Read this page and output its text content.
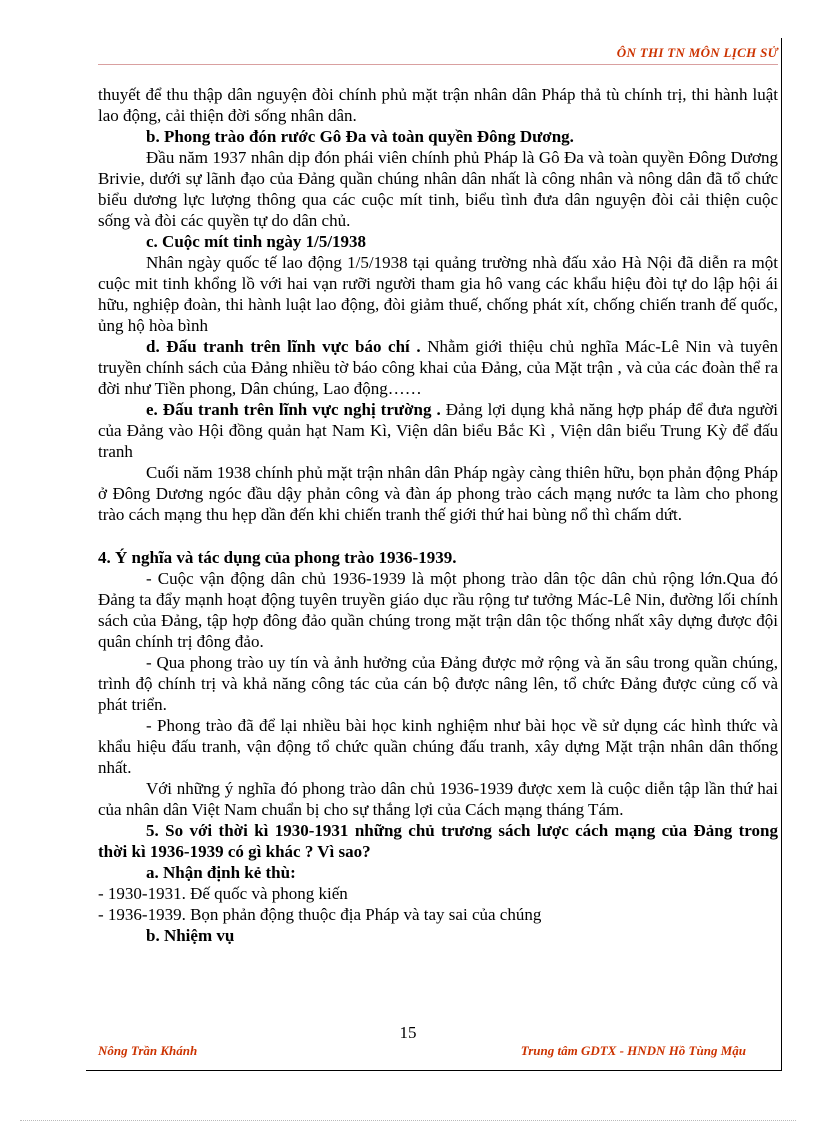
ÔN THI TN MÔN LỊCH SỬ

thuyết để thu thập dân nguyện đòi chính phủ mặt trận nhân dân Pháp thả tù chính trị, thi hành luật lao động, cải thiện đời sống nhân dân.

b. Phong trào đón rước Gô Đa và toàn quyền Đông Dương.

Đầu năm 1937 nhân dịp đón phái viên chính phủ Pháp là Gô Đa và toàn quyền Đông Dương Brivie, dưới sự lãnh đạo của Đảng quần chúng nhân dân nhất là công nhân và nông dân đã tổ chức biểu dương lực lượng thông qua các cuộc mít tinh, biểu tình đưa dân nguyện đòi cải thiện cuộc sống và đòi các quyền tự do dân chủ.

c. Cuộc mít tinh ngày 1/5/1938

Nhân ngày quốc tế lao động 1/5/1938 tại quảng trường nhà đấu xảo Hà Nội đã diễn ra một cuộc mit tinh khổng lồ với hai vạn rưỡi người tham gia hô vang các khẩu hiệu đòi tự do lập hội ái hữu, nghiệp đoàn, thi hành luật lao động, đòi giảm thuế, chống phát xít, chống chiến tranh đế quốc, ủng hộ hòa bình

d. Đấu tranh trên lĩnh vực báo chí . Nhằm giới thiệu chủ nghĩa Mác-Lê Nin và tuyên truyền chính sách của Đảng nhiều tờ báo công khai của Đảng, của Mặt trận , và của các đoàn thể ra đời như Tiền phong, Dân chúng, Lao động……

e. Đấu tranh trên lĩnh vực nghị trường . Đảng lợi dụng khả năng hợp pháp để đưa người của Đảng vào Hội đồng quản hạt Nam Kì, Viện dân biểu Bắc Kì , Viện dân biểu Trung Kỳ để đấu tranh

Cuối năm 1938 chính phủ mặt trận nhân dân Pháp ngày càng thiên hữu, bọn phản động Pháp ở Đông Dương ngóc đầu dậy phản công và đàn áp phong trào cách mạng nước ta làm cho phong trào cách mạng thu hẹp dần đến khi chiến tranh thế giới thứ hai bùng nổ thì chấm dứt.

4. Ý nghĩa và tác dụng của phong trào 1936-1939.

- Cuộc vận động dân chủ 1936-1939 là một phong trào dân tộc dân chủ rộng lớn.Qua đó Đảng ta đẩy mạnh hoạt động tuyên truyền giáo dục rầu rộng tư tưởng Mác-Lê Nin, đường lối chính sách của Đảng, tập hợp đông đảo quần chúng trong mặt trận dân tộc thống nhất xây dựng được đội quân chính trị đông đảo.

- Qua phong trào uy tín và ảnh hưởng của Đảng được mở rộng và ăn sâu trong quần chúng, trình độ chính trị và khả năng công tác của cán bộ được nâng lên, tổ chức Đảng được củng cố và phát triển.

- Phong trào đã để lại nhiều bài học kinh nghiệm như bài học về sử dụng các hình thức và khẩu hiệu đấu tranh, vận động tổ chức quần chúng đấu tranh, xây dựng Mặt trận nhân dân thống nhất.

Với những ý nghĩa đó phong trào dân chủ 1936-1939 được xem là cuộc diễn tập lần thứ hai của nhân dân Việt Nam chuẩn bị cho sự thắng lợi của Cách mạng tháng Tám.

5. So với thời kì 1930-1931 những chủ trương sách lược cách mạng của Đảng trong thời kì 1936-1939 có gì khác ? Vì sao?

a. Nhận định kẻ thù:

- 1930-1931. Đế quốc và phong kiến

- 1936-1939. Bọn phản động thuộc địa Pháp và tay sai của chúng

b. Nhiệm vụ

15
Nông Trần Khánh	Trung tâm GDTX - HNDN Hồ Tùng Mậu
